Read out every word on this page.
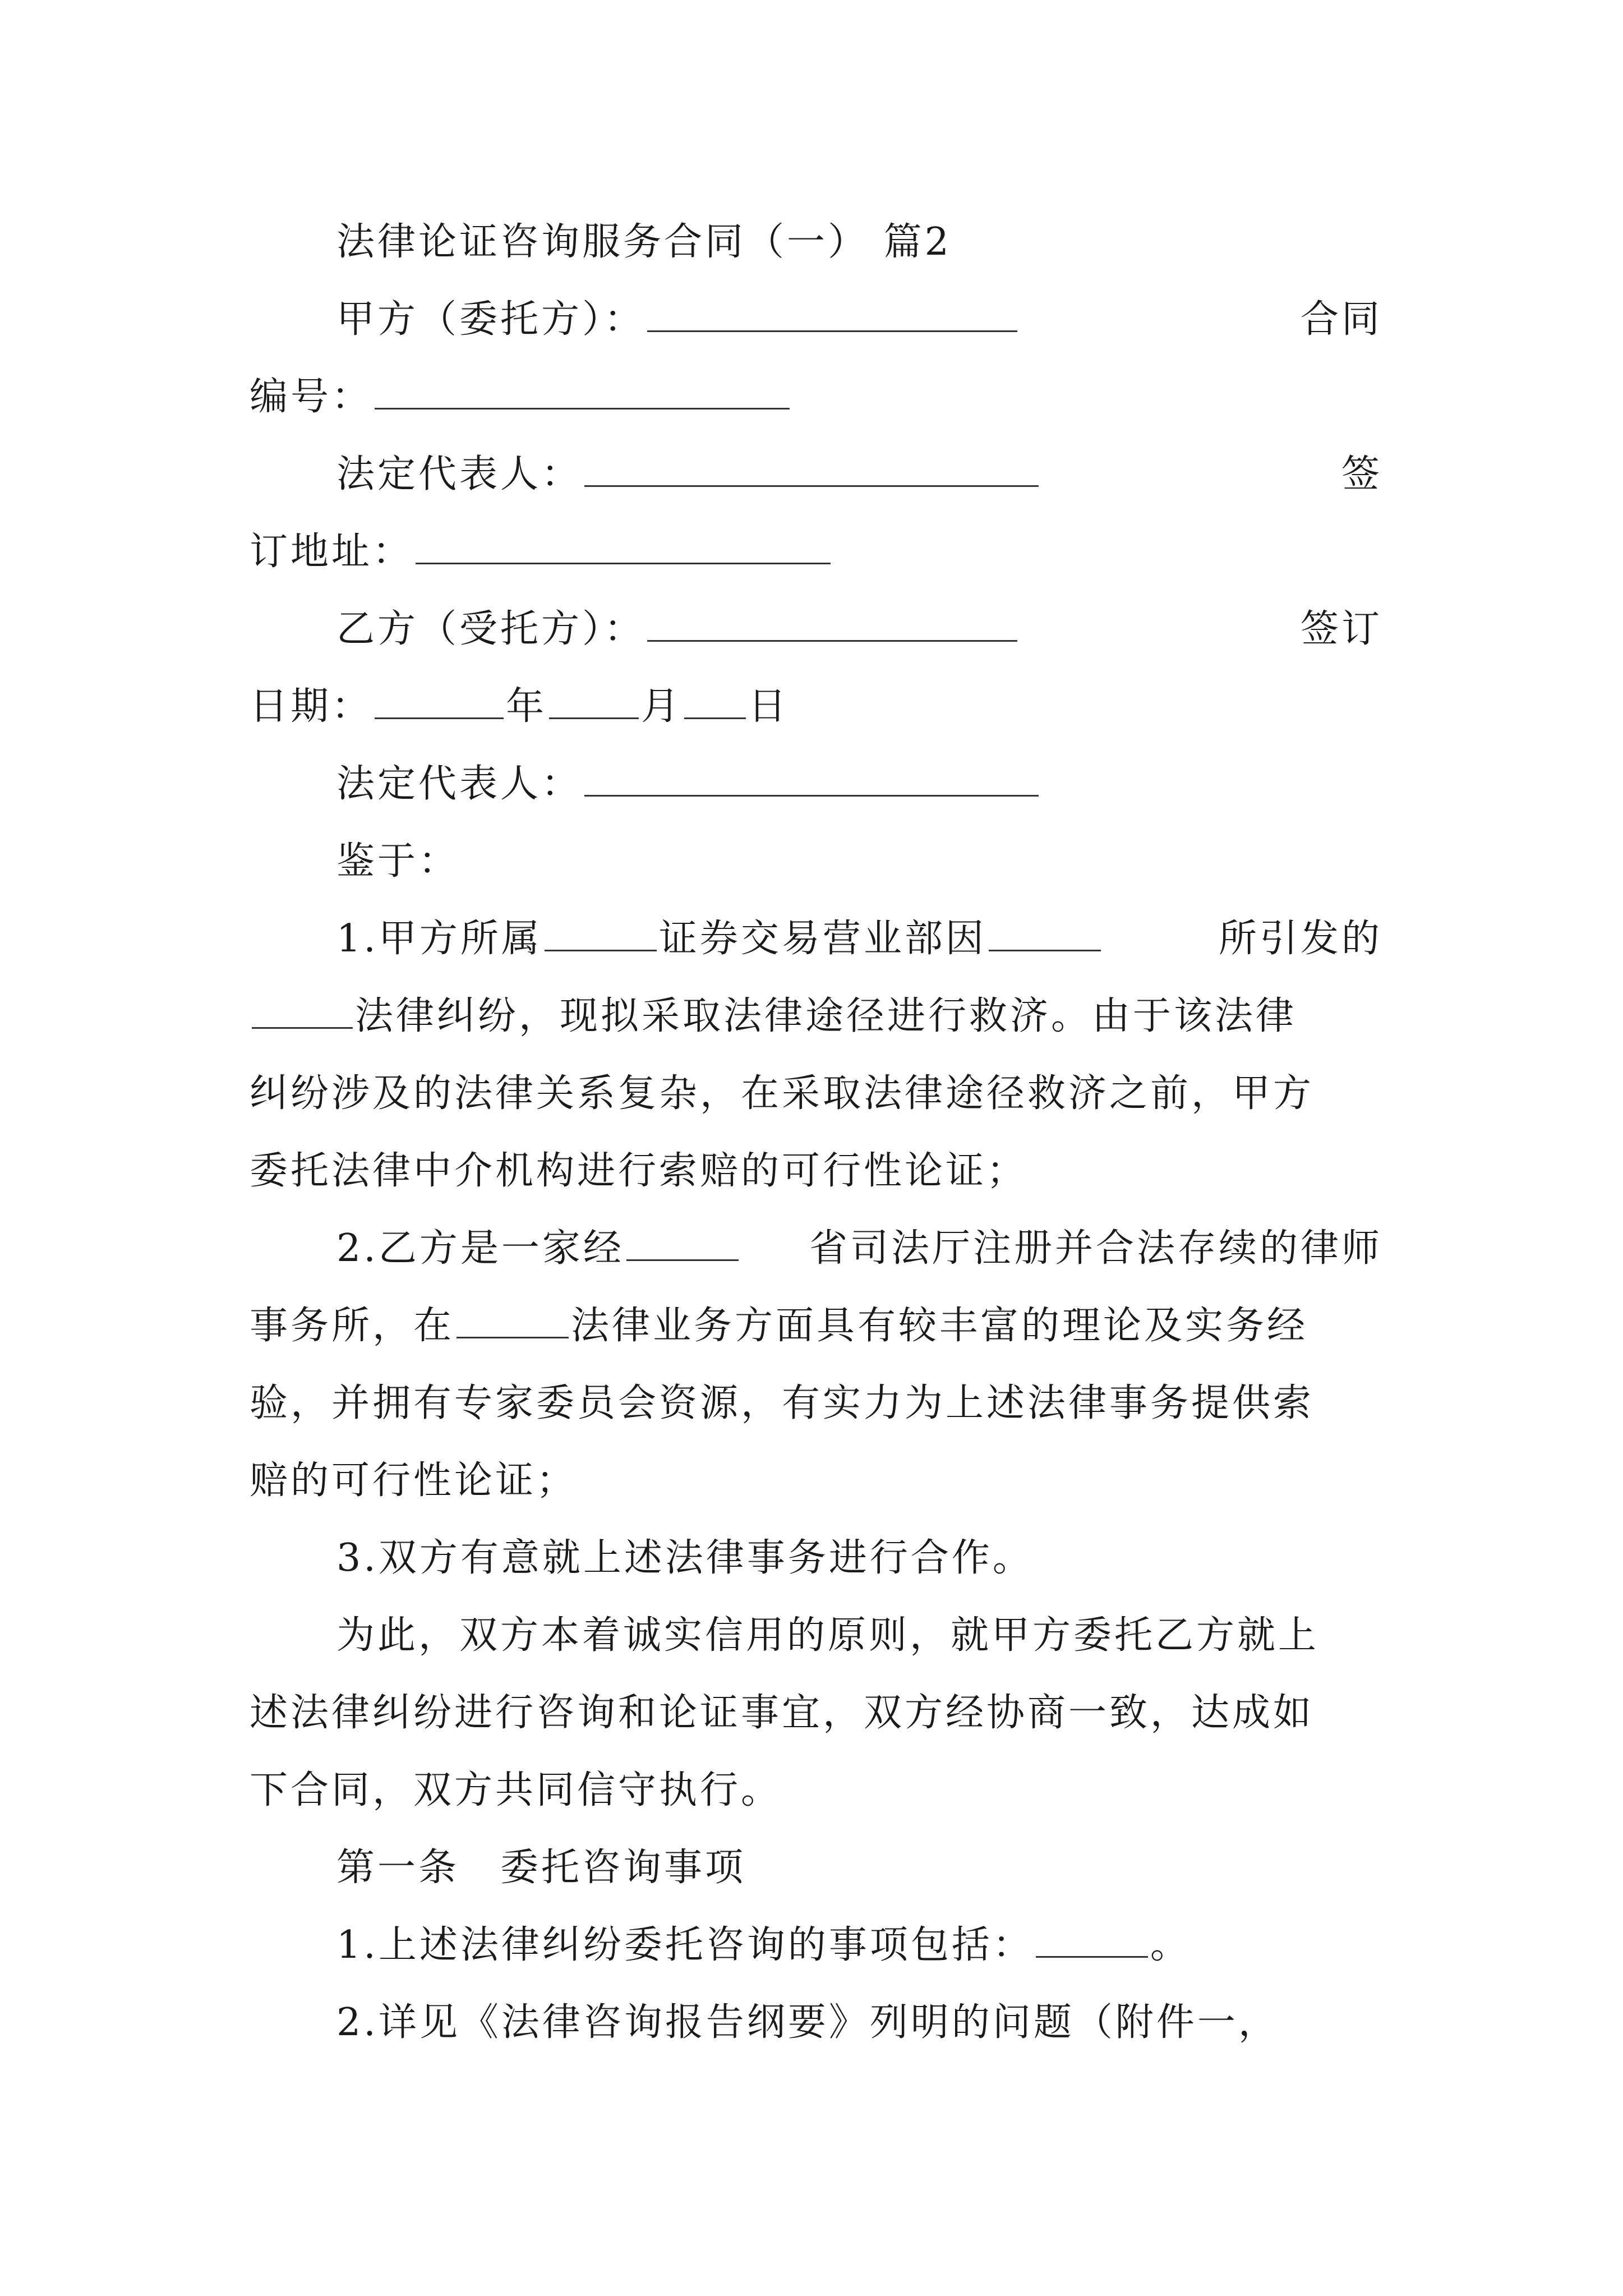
法律论证咨询服务合同（一） 篇2
甲方（委托方）：	合同
编号：
法定代表人：	签
订地址：
乙方（受托方）：	签订
日期：	年 月 日
法定代表人：
鉴于：
1.甲方所属	证券交易营业部因	所引发的
法律纠纷，现拟采取法律途径进行救济。由于该法律
纠纷涉及的法律关系复杂，在采取法律途径救济之前，甲方
委托法律中介机构进行索赔的可行性论证；
2.乙方是一家经	省司法厅注册并合法存续的律师
事务所，在	法律业务方面具有较丰富的理论及实务经
验，并拥有专家委员会资源，有实力为上述法律事务提供索
赔的可行性论证；
3.双方有意就上述法律事务进行合作。
为此，双方本着诚实信用的原则，就甲方委托乙方就上
述法律纠纷进行咨询和论证事宜，双方经协商一致，达成如
下合同，双方共同信守执行。
第一条　委托咨询事项
1.上述法律纠纷委托咨询的事项包括：	。
2.详见《法律咨询报告纲要》列明的问题（附件一，
